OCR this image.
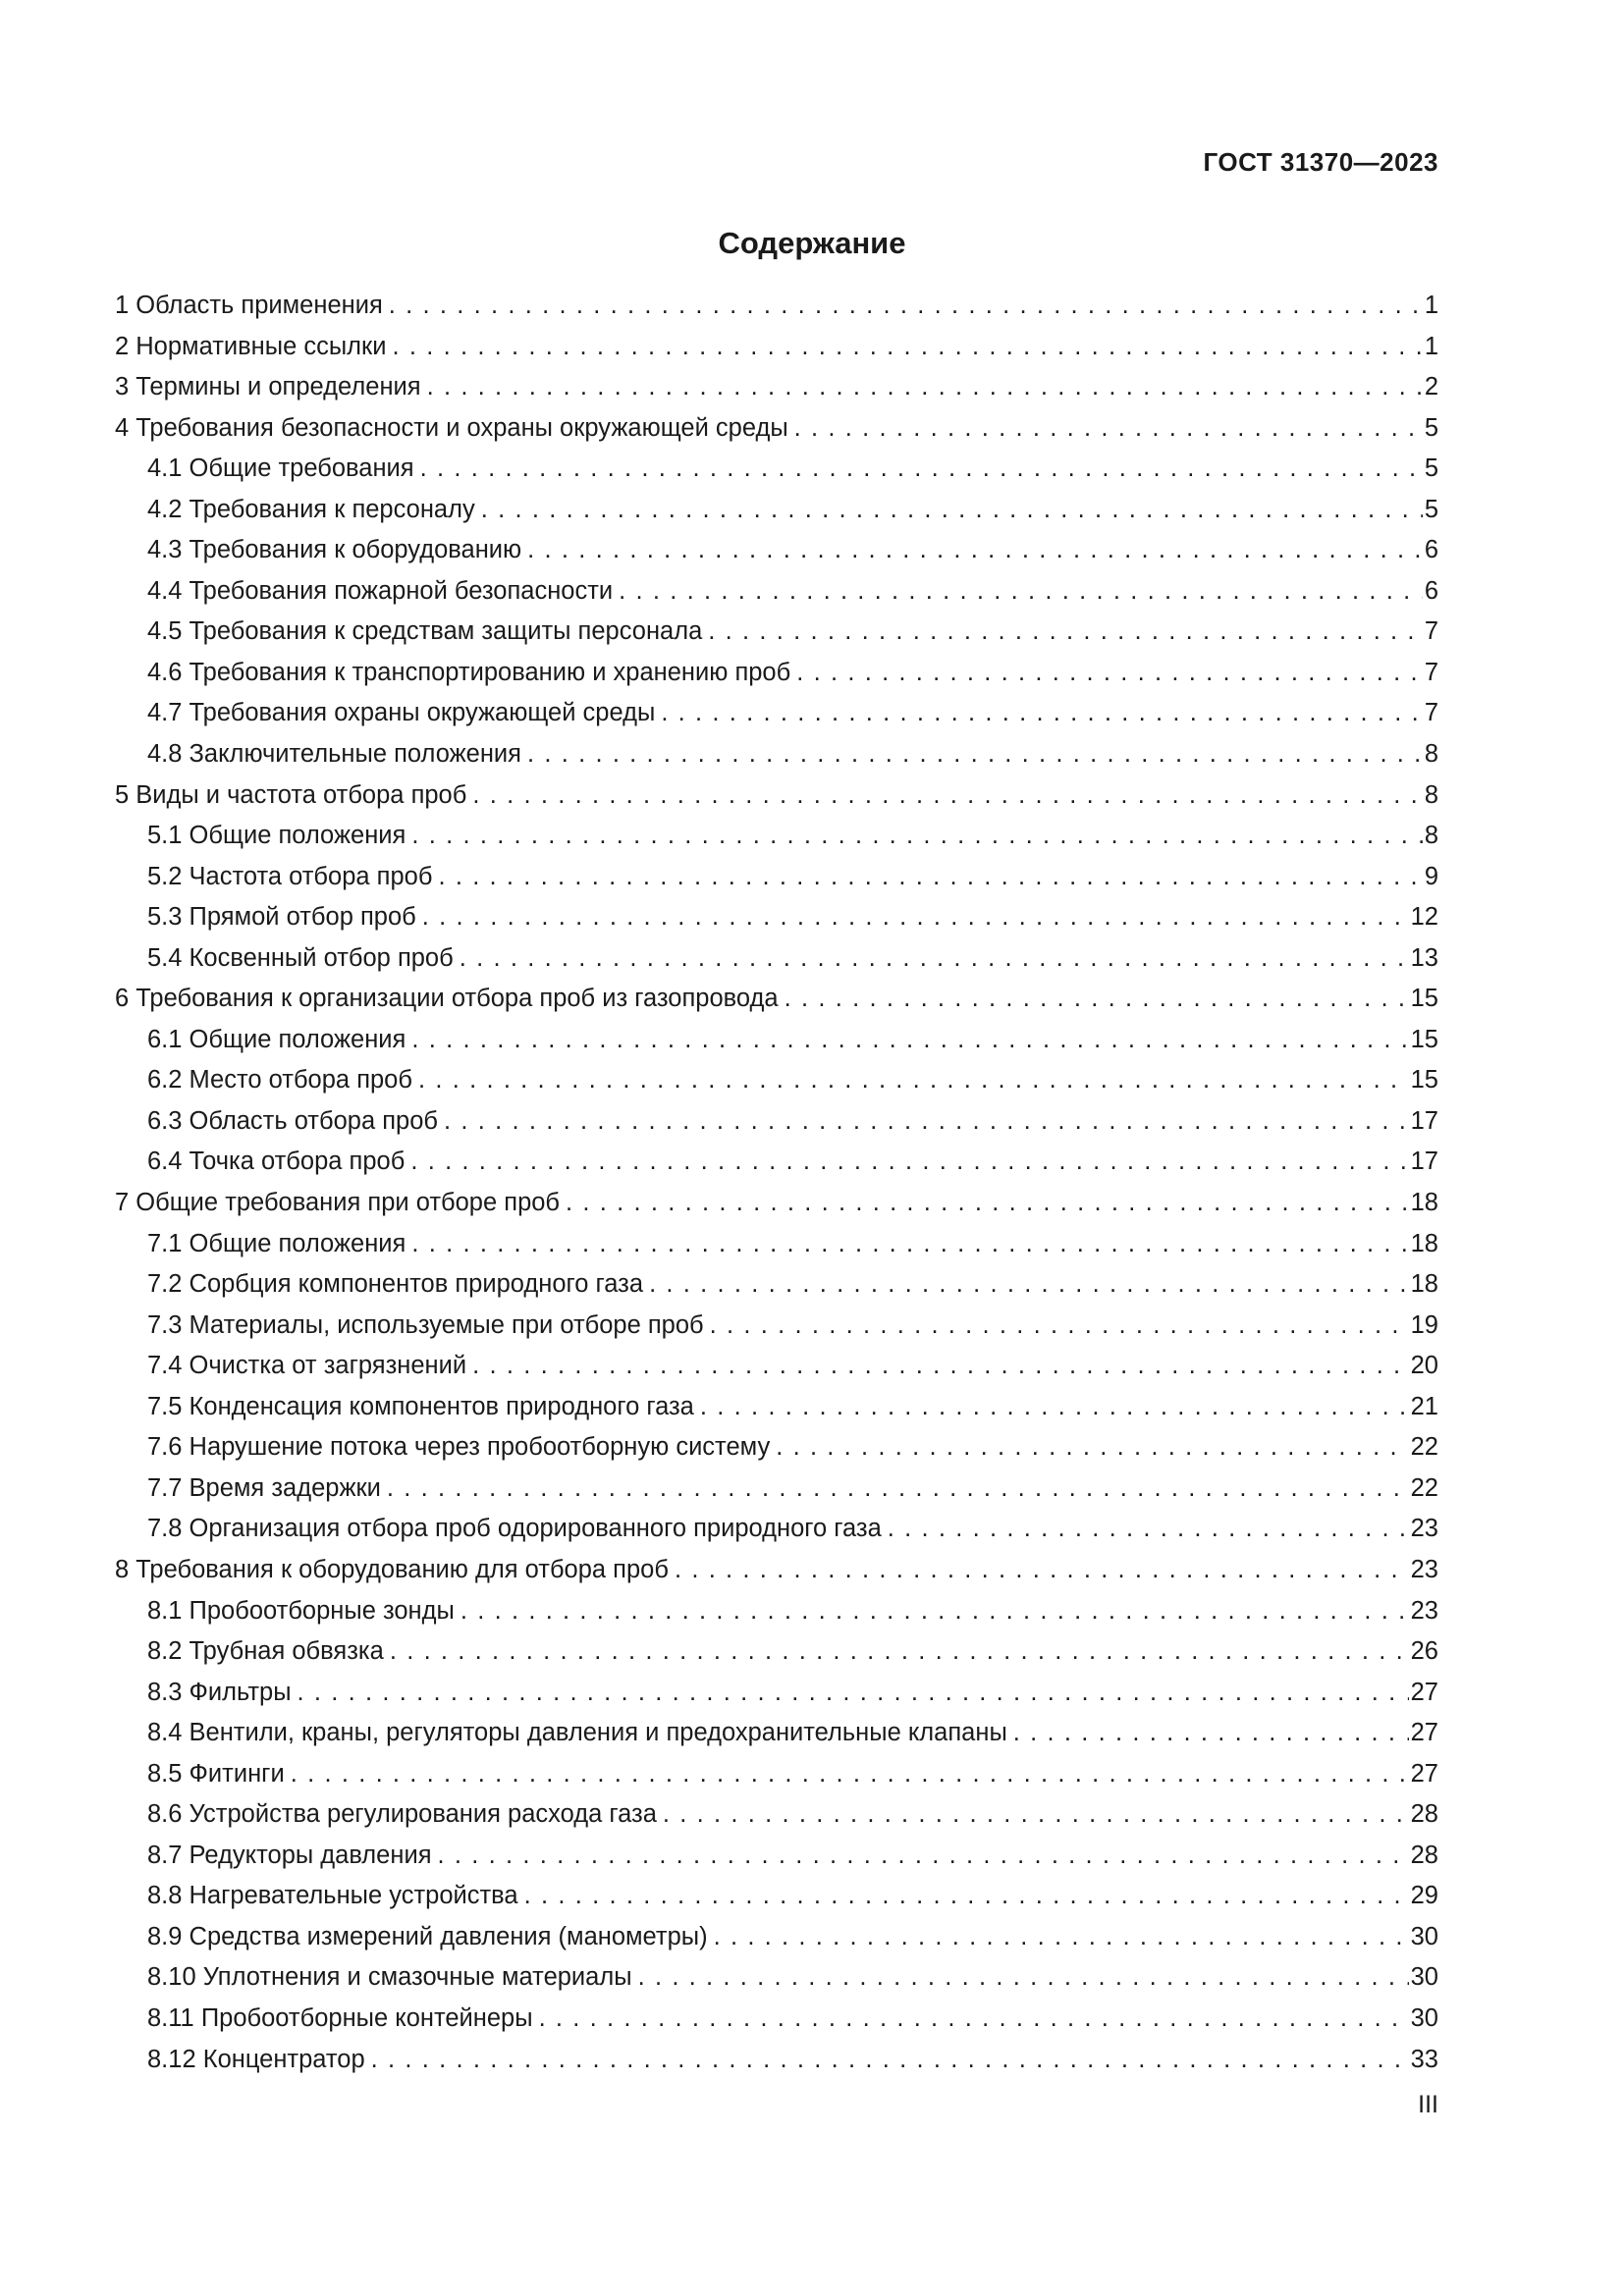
ГОСТ 31370—2023

Содержание
1 Область применения . . .	1
2 Нормативные ссылки . . .	1
3 Термины и определения . . .	2
4 Требования безопасности и охраны окружающей среды . . .	5
4.1 Общие требования . . .	5
4.2 Требования к персоналу . . .	5
4.3 Требования к оборудованию . . .	6
4.4 Требования пожарной безопасности . . .	6
4.5 Требования к средствам защиты персонала . . .	7
4.6 Требования к транспортированию и хранению проб . . .	7
4.7 Требования охраны окружающей среды . . .	7
4.8 Заключительные положения . . .	8
5 Виды и частота отбора проб . . .	8
5.1 Общие положения . . .	8
5.2 Частота отбора проб . . .	9
5.3 Прямой отбор проб . . .	12
5.4 Косвенный отбор проб . . .	13
6 Требования к организации отбора проб из газопровода . . .	15
6.1 Общие положения . . .	15
6.2 Место отбора проб . . .	15
6.3 Область отбора проб . . .	17
6.4 Точка отбора проб . . .	17
7 Общие требования при отборе проб . . .	18
7.1 Общие положения . . .	18
7.2 Сорбция компонентов природного газа . . .	18
7.3 Материалы, используемые при отборе проб . . .	19
7.4 Очистка от загрязнений . . .	20
7.5 Конденсация компонентов природного газа . . .	21
7.6 Нарушение потока через пробоотборную систему . . .	22
7.7 Время задержки . . .	22
7.8 Организация отбора проб одорированного природного газа . . .	23
8 Требования к оборудованию для отбора проб . . .	23
8.1 Пробоотборные зонды . . .	23
8.2 Трубная обвязка . . .	26
8.3 Фильтры . . .	27
8.4 Вентили, краны, регуляторы давления и предохранительные клапаны . . .	27
8.5 Фитинги . . .	27
8.6 Устройства регулирования расхода газа . . .	28
8.7 Редукторы давления . . .	28
8.8 Нагревательные устройства . . .	29
8.9 Средства измерений давления (манометры) . . .	30
8.10 Уплотнения и смазочные материалы . . .	30
8.11 Пробоотборные контейнеры . . .	30
8.12 Концентратор . . .	33

III
